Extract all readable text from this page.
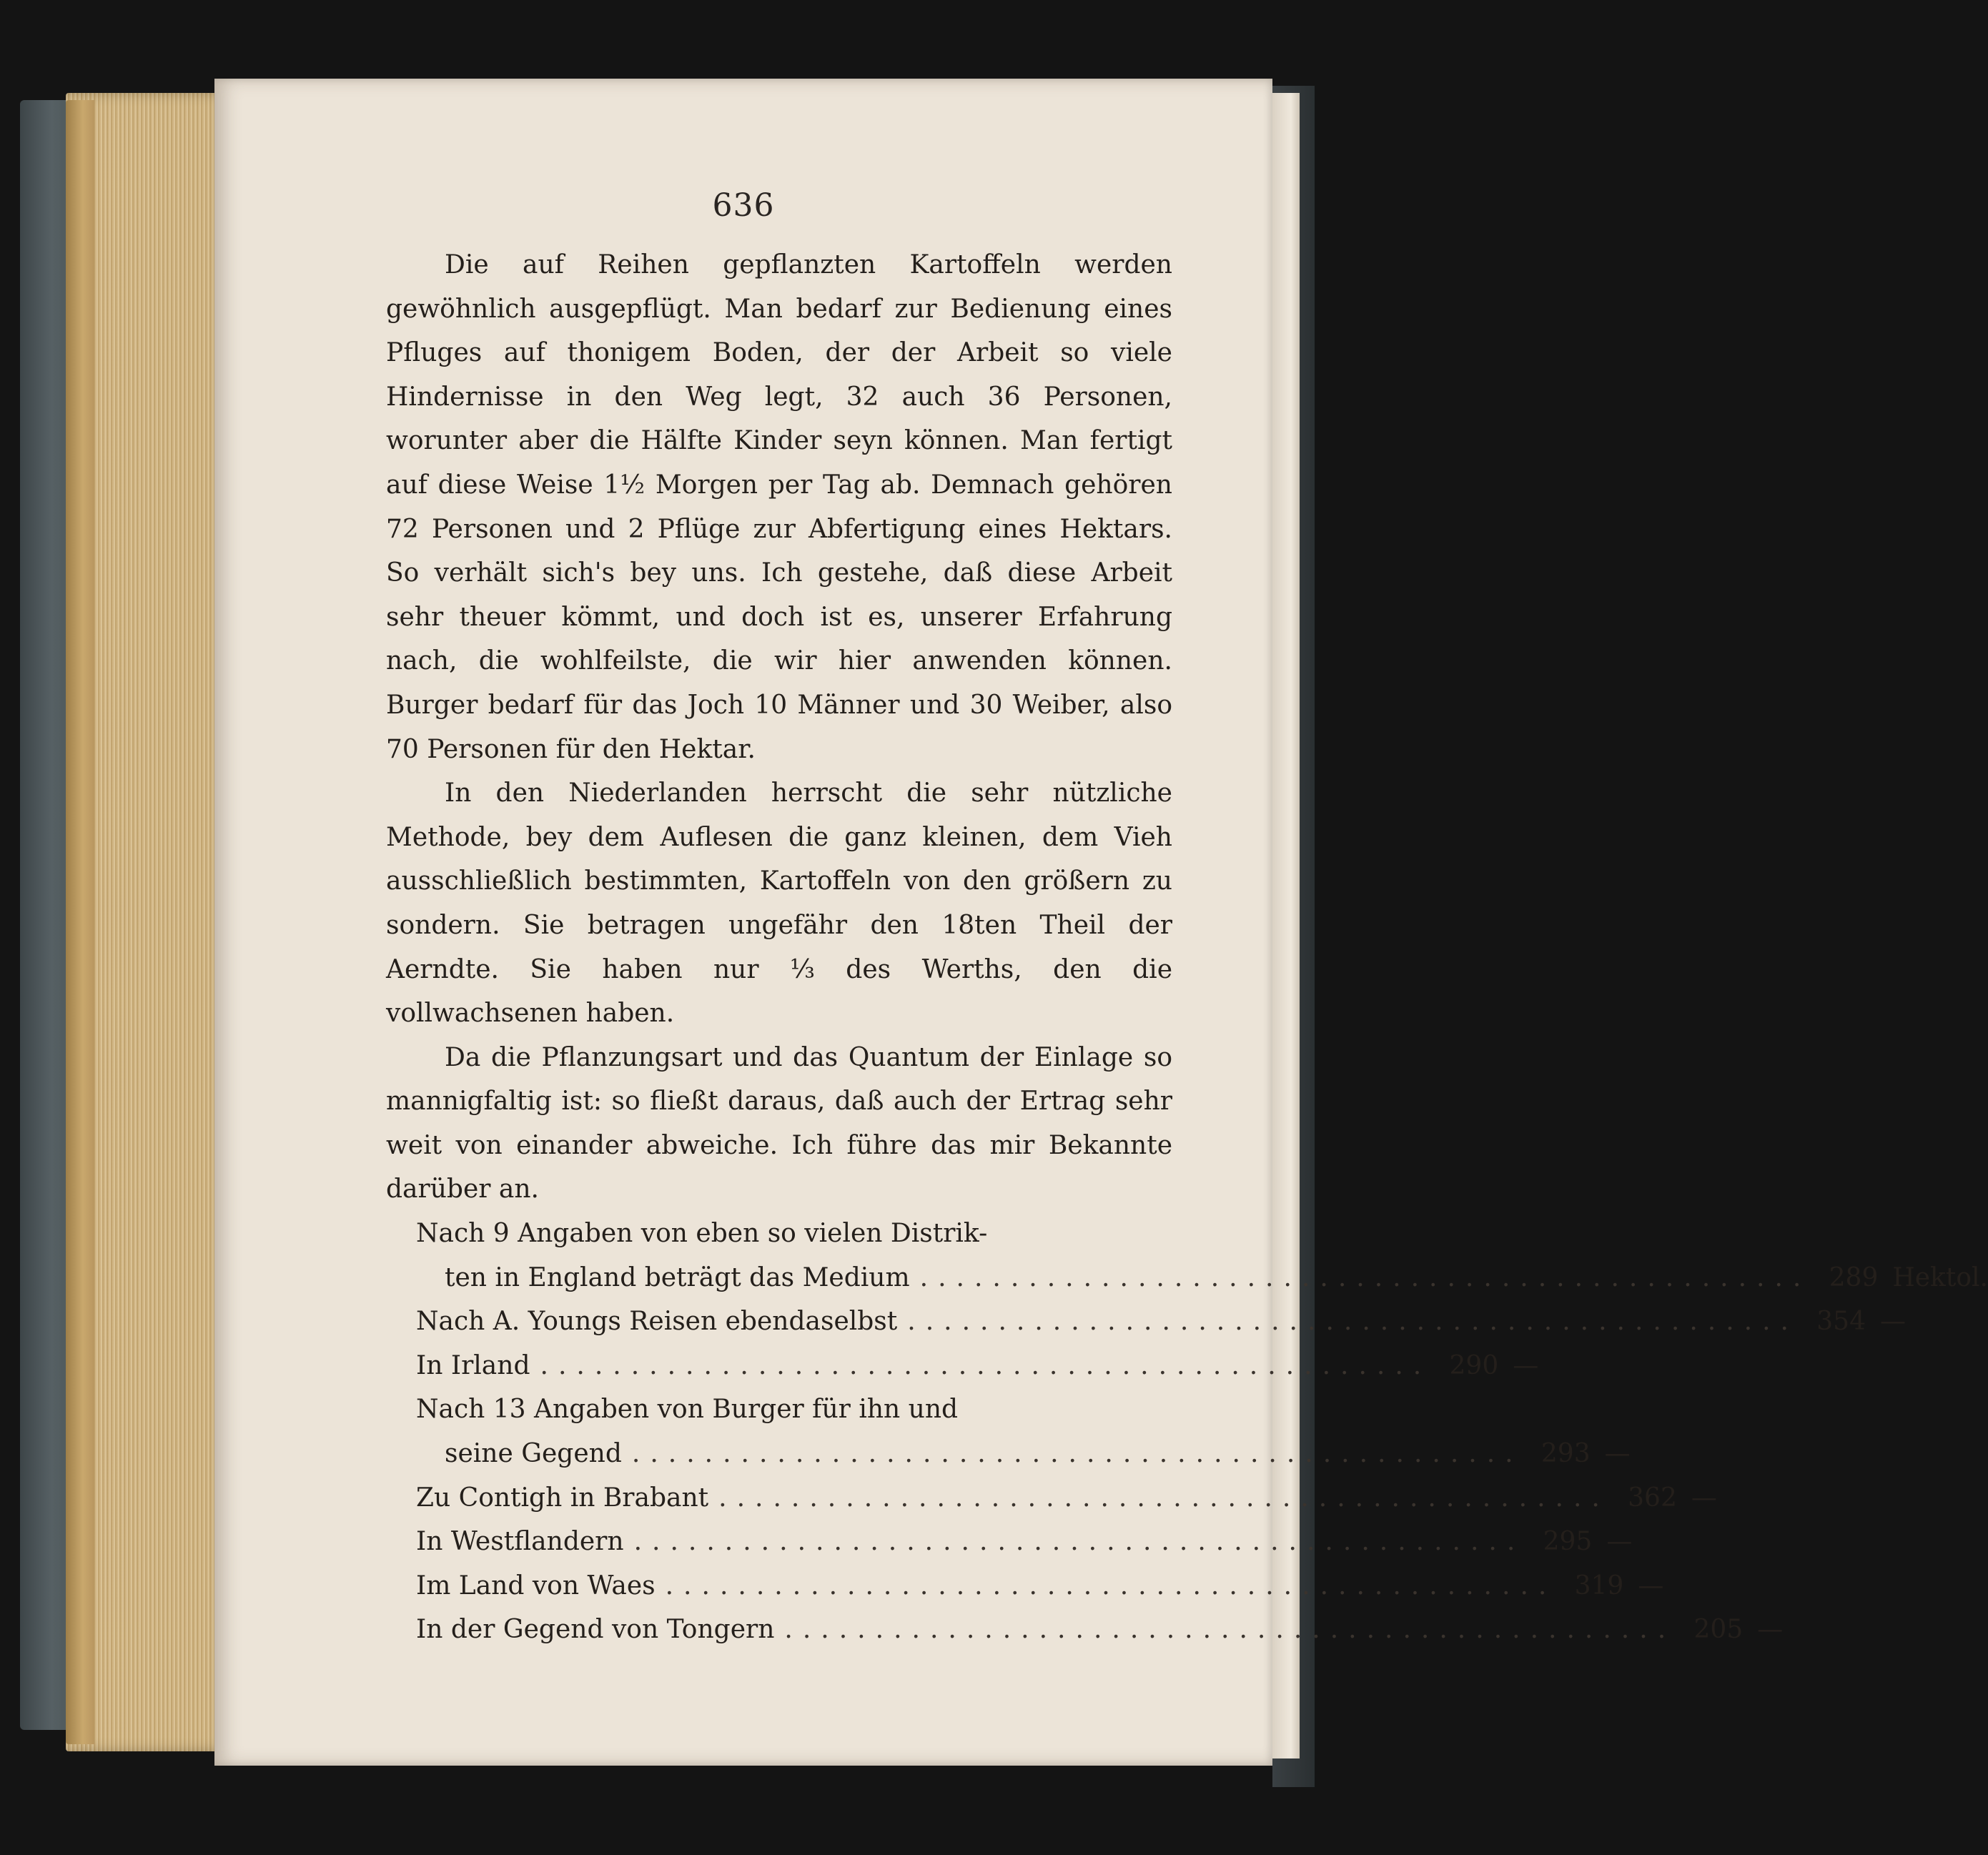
636

Die auf Reihen gepflanzten Kartoffeln werden gewöhnlich ausgepflügt. Man bedarf zur Bedienung eines Pfluges auf thonigem Boden, der der Arbeit so viele Hindernisse in den Weg legt, 32 auch 36 Personen, worunter aber die Hälfte Kinder seyn können. Man fertigt auf diese Weise 1½ Morgen per Tag ab. Demnach gehören 72 Personen und 2 Pflüge zur Abfertigung eines Hektars. So verhält sich's bey uns. Ich gestehe, daß diese Arbeit sehr theuer kömmt, und doch ist es, unserer Erfahrung nach, die wohlfeilste, die wir hier anwenden können. Burger bedarf für das Joch 10 Männer und 30 Weiber, also 70 Personen für den Hektar.

In den Niederlanden herrscht die sehr nützliche Methode, bey dem Auflesen die ganz kleinen, dem Vieh ausschließlich bestimmten, Kartoffeln von den größern zu sondern. Sie betragen ungefähr den 18ten Theil der Aerndte. Sie haben nur ⅓ des Werths, den die vollwachsenen haben.

Da die Pflanzungsart und das Quantum der Einlage so mannigfaltig ist: so fließt daraus, daß auch der Ertrag sehr weit von einander abweiche. Ich führe das mir Bekannte darüber an.

Nach 9 Angaben von eben so vielen Distrik-
ten in England beträgt das Medium ................................................. 289 Hektol.
Nach A. Youngs Reisen ebendaselbst ................................................. 354 —
In Irland ................................................. 290 —
Nach 13 Angaben von Burger für ihn und
seine Gegend ................................................. 293 —
Zu Contigh in Brabant ................................................. 362 —
In Westflandern ................................................. 295 —
Im Land von Waes ................................................. 319 —
In der Gegend von Tongern ................................................. 205 —
